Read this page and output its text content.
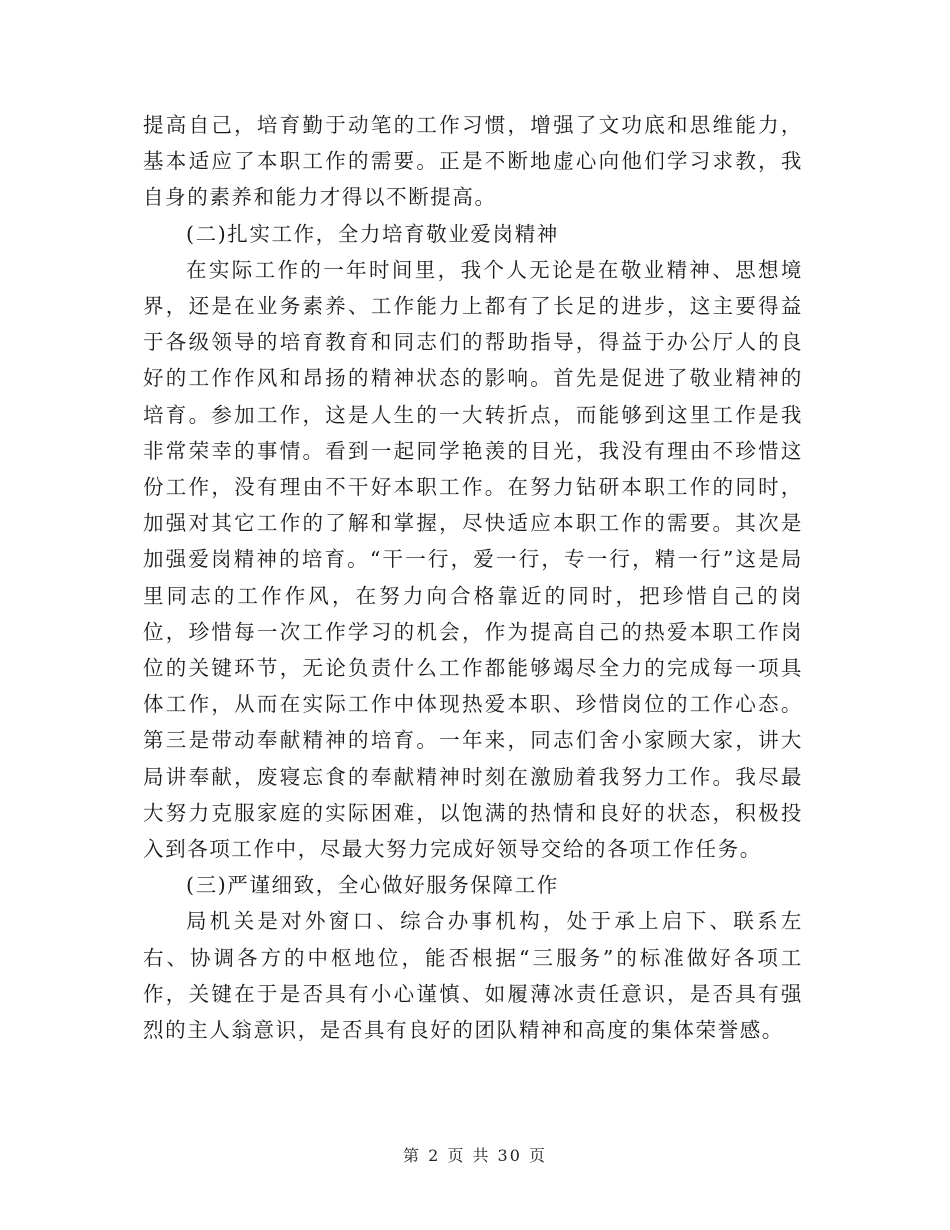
提高自己，培育勤于动笔的工作习惯，增强了文功底和思维能力，基本适应了本职工作的需要。正是不断地虚心向他们学习求教，我自身的素养和能力才得以不断提高。

(二)扎实工作，全力培育敬业爱岗精神

在实际工作的一年时间里，我个人无论是在敬业精神、思想境界，还是在业务素养、工作能力上都有了长足的进步，这主要得益于各级领导的培育教育和同志们的帮助指导，得益于办公厅人的良好的工作作风和昂扬的精神状态的影响。首先是促进了敬业精神的培育。参加工作，这是人生的一大转折点，而能够到这里工作是我非常荣幸的事情。看到一起同学艳羡的目光，我没有理由不珍惜这份工作，没有理由不干好本职工作。在努力钻研本职工作的同时，加强对其它工作的了解和掌握，尽快适应本职工作的需要。其次是加强爱岗精神的培育。“干一行，爱一行，专一行，精一行”这是局里同志的工作作风，在努力向合格靠近的同时，把珍惜自己的岗位，珍惜每一次工作学习的机会，作为提高自己的热爱本职工作岗位的关键环节，无论负责什么工作都能够竭尽全力的完成每一项具体工作，从而在实际工作中体现热爱本职、珍惜岗位的工作心态。第三是带动奉献精神的培育。一年来，同志们舍小家顾大家，讲大局讲奉献，废寝忘食的奉献精神时刻在激励着我努力工作。我尽最大努力克服家庭的实际困难，以饱满的热情和良好的状态，积极投入到各项工作中，尽最大努力完成好领导交给的各项工作任务。

(三)严谨细致，全心做好服务保障工作

局机关是对外窗口、综合办事机构，处于承上启下、联系左右、协调各方的中枢地位，能否根据“三服务”的标准做好各项工作，关键在于是否具有小心谨慎、如履薄冰责任意识，是否具有强烈的主人翁意识，是否具有良好的团队精神和高度的集体荣誉感。

第 2 页 共 30 页
